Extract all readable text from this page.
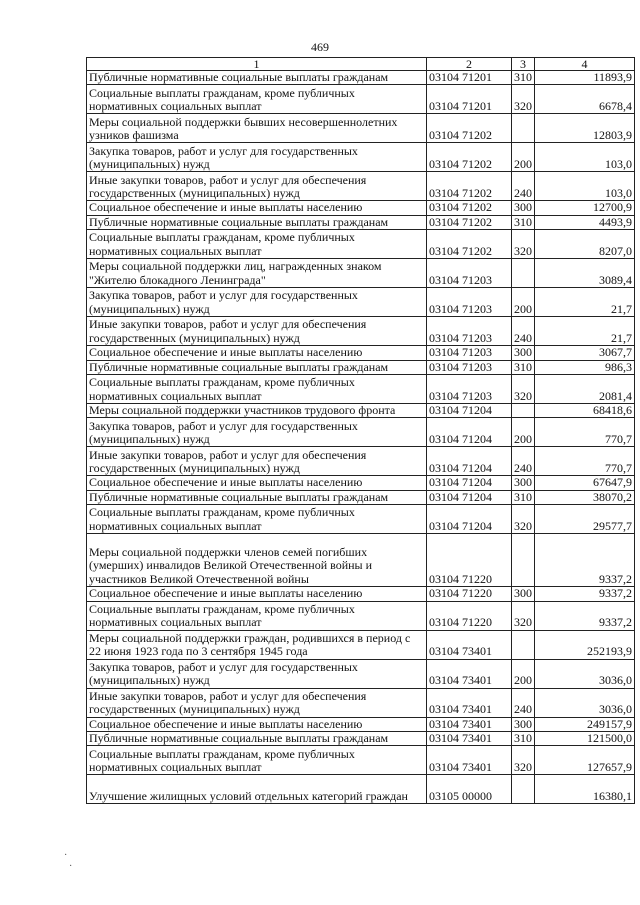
469
1	2	3	4
Публичные нормативные социальные выплаты гражданам	03104 71201	310	11893,9
Социальные выплаты гражданам, кроме публичных нормативных социальных выплат	03104 71201	320	6678,4
Меры социальной поддержки бывших несовершеннолетних узников фашизма	03104 71202		12803,9
Закупка товаров, работ и услуг для государственных (муниципальных) нужд	03104 71202	200	103,0
Иные закупки товаров, работ и услуг для обеспечения государственных (муниципальных) нужд	03104 71202	240	103,0
Социальное обеспечение и иные выплаты населению	03104 71202	300	12700,9
Публичные нормативные социальные выплаты гражданам	03104 71202	310	4493,9
Социальные выплаты гражданам, кроме публичных нормативных социальных выплат	03104 71202	320	8207,0
Меры социальной поддержки лиц, награжденных знаком "Жителю блокадного Ленинграда"	03104 71203		3089,4
Закупка товаров, работ и услуг для государственных (муниципальных) нужд	03104 71203	200	21,7
Иные закупки товаров, работ и услуг для обеспечения государственных (муниципальных) нужд	03104 71203	240	21,7
Социальное обеспечение и иные выплаты населению	03104 71203	300	3067,7
Публичные нормативные социальные выплаты гражданам	03104 71203	310	986,3
Социальные выплаты гражданам, кроме публичных нормативных социальных выплат	03104 71203	320	2081,4
Меры социальной поддержки участников трудового фронта	03104 71204		68418,6
Закупка товаров, работ и услуг для государственных (муниципальных) нужд	03104 71204	200	770,7
Иные закупки товаров, работ и услуг для обеспечения государственных (муниципальных) нужд	03104 71204	240	770,7
Социальное обеспечение и иные выплаты населению	03104 71204	300	67647,9
Публичные нормативные социальные выплаты гражданам	03104 71204	310	38070,2
Социальные выплаты гражданам, кроме публичных нормативных социальных выплат	03104 71204	320	29577,7
Меры социальной поддержки членов семей погибших (умерших) инвалидов Великой Отечественной войны и участников Великой Отечественной войны	03104 71220		9337,2
Социальное обеспечение и иные выплаты населению	03104 71220	300	9337,2
Социальные выплаты гражданам, кроме публичных нормативных социальных выплат	03104 71220	320	9337,2
Меры социальной поддержки граждан, родившихся в период с 22 июня 1923 года по 3 сентября 1945 года	03104 73401		252193,9
Закупка товаров, работ и услуг для государственных (муниципальных) нужд	03104 73401	200	3036,0
Иные закупки товаров, работ и услуг для обеспечения государственных (муниципальных) нужд	03104 73401	240	3036,0
Социальное обеспечение и иные выплаты населению	03104 73401	300	249157,9
Публичные нормативные социальные выплаты гражданам	03104 73401	310	121500,0
Социальные выплаты гражданам, кроме публичных нормативных социальных выплат	03104 73401	320	127657,9
Улучшение жилищных условий отдельных категорий граждан	03105 00000		16380,1
·
·
